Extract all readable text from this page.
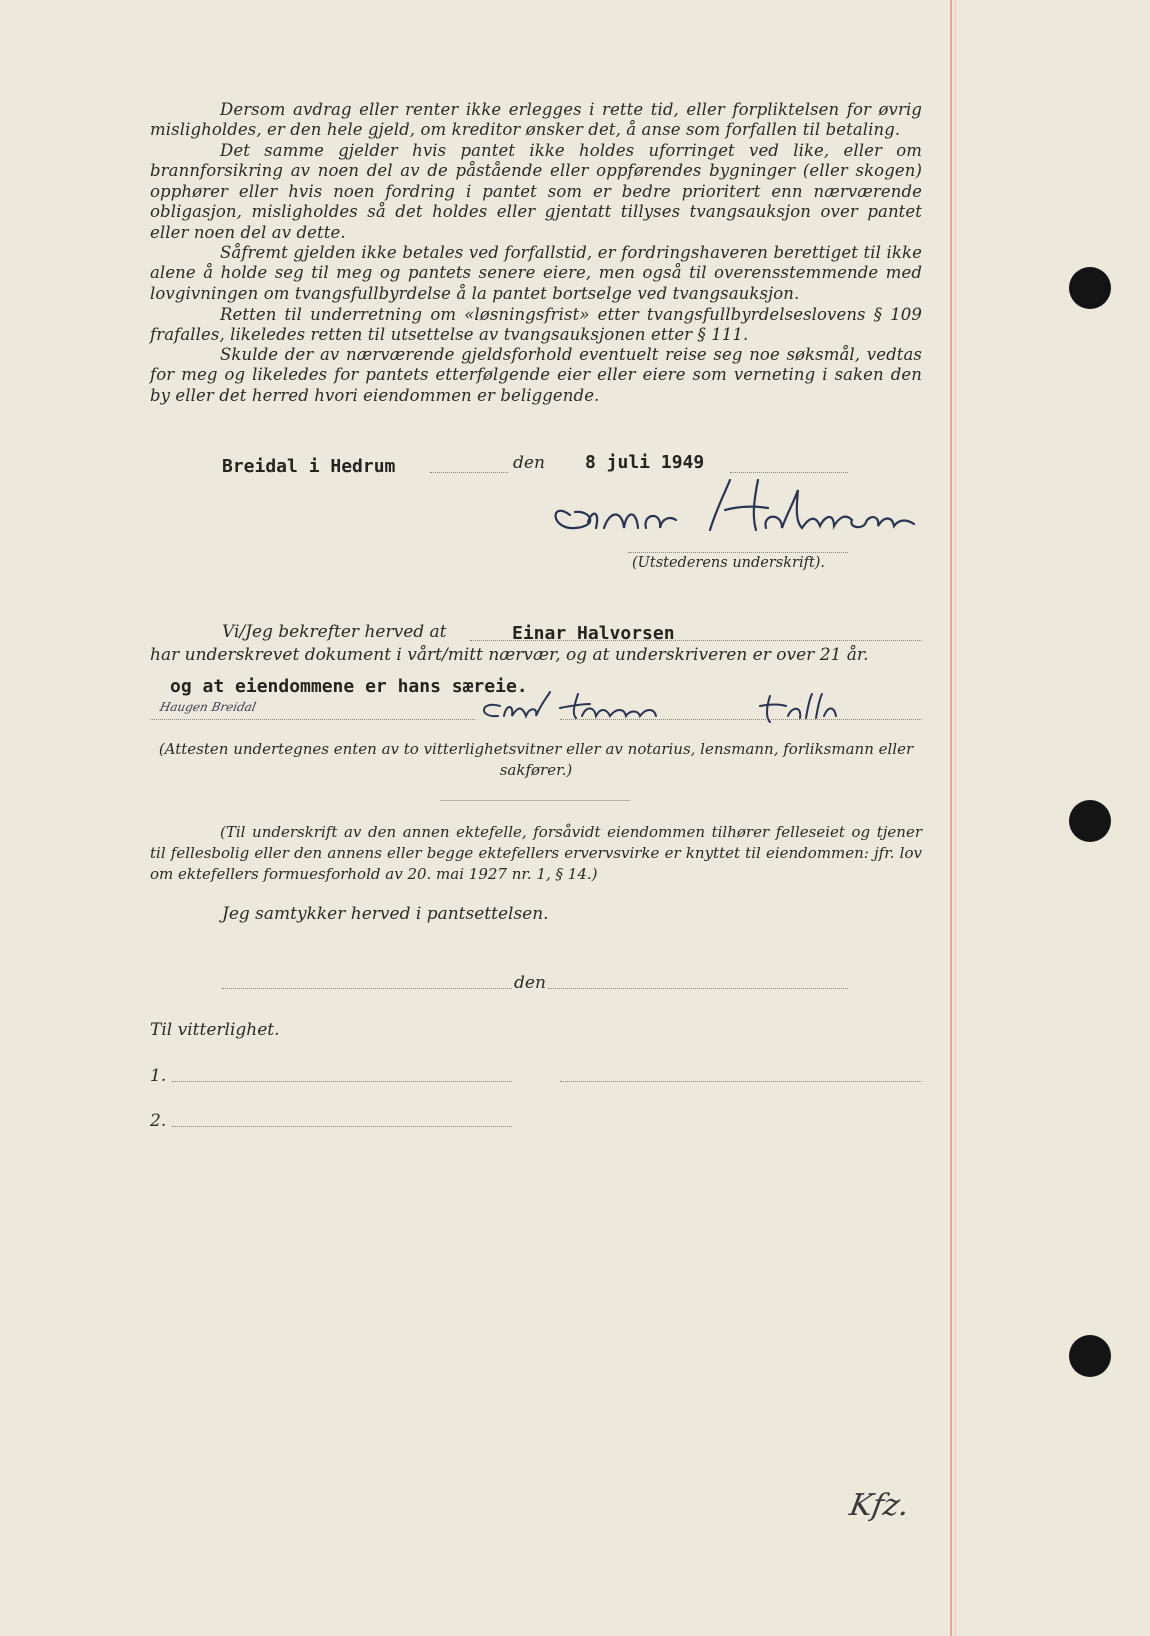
Dersom avdrag eller renter ikke erlegges i rette tid, eller forpliktelsen for øvrig misligholdes, er den hele gjeld, om kreditor ønsker det, å anse som forfallen til betaling.

Det samme gjelder hvis pantet ikke holdes uforringet ved like, eller om brannforsikring av noen del av de påstående eller oppførendes bygninger (eller skogen) opphører eller hvis noen fordring i pantet som er bedre prioritert enn nærværende obligasjon, misligholdes så det holdes eller gjentatt tillyses tvangsauksjon over pantet eller noen del av dette.

Såfremt gjelden ikke betales ved forfallstid, er fordringshaveren berettiget til ikke alene å holde seg til meg og pantets senere eiere, men også til overensstemmende med lovgivningen om tvangsfullbyrdelse å la pantet bortselge ved tvangsauksjon.

Retten til underretning om «løsningsfrist» etter tvangsfullbyrdelseslovens § 109 frafalles, likeledes retten til utsettelse av tvangsauksjonen etter § 111.

Skulde der av nærværende gjeldsforhold eventuelt reise seg noe søksmål, vedtas for meg og likeledes for pantets etterfølgende eier eller eiere som verneting i saken den by eller det herred hvori eiendommen er beliggende.

Breidal i Hedrum	den 8 juli 1949
(Utstederens underskrift).
Vi/Jeg bekrefter herved at	Einar Halvorsen
har underskrevet dokument i vårt/mitt nærvær, og at underskriveren er over 21 år.
og at eiendommene er hans særeie.
Haugen Breidal
(Attesten undertegnes enten av to vitterlighetsvitner eller av notarius, lensmann, forliksmann eller sakfører.)
(Til underskrift av den annen ektefelle, forsåvidt eiendommen tilhører felleseiet og tjener til fellesbolig eller den annens eller begge ektefellers ervervsvirke er knyttet til eiendommen: jfr. lov om ektefellers formuesforhold av 20. mai 1927 nr. 1, § 14.)
Jeg samtykker herved i pantsettelsen.
den
Til vitterlighet.
1.
2.
Kfz.
